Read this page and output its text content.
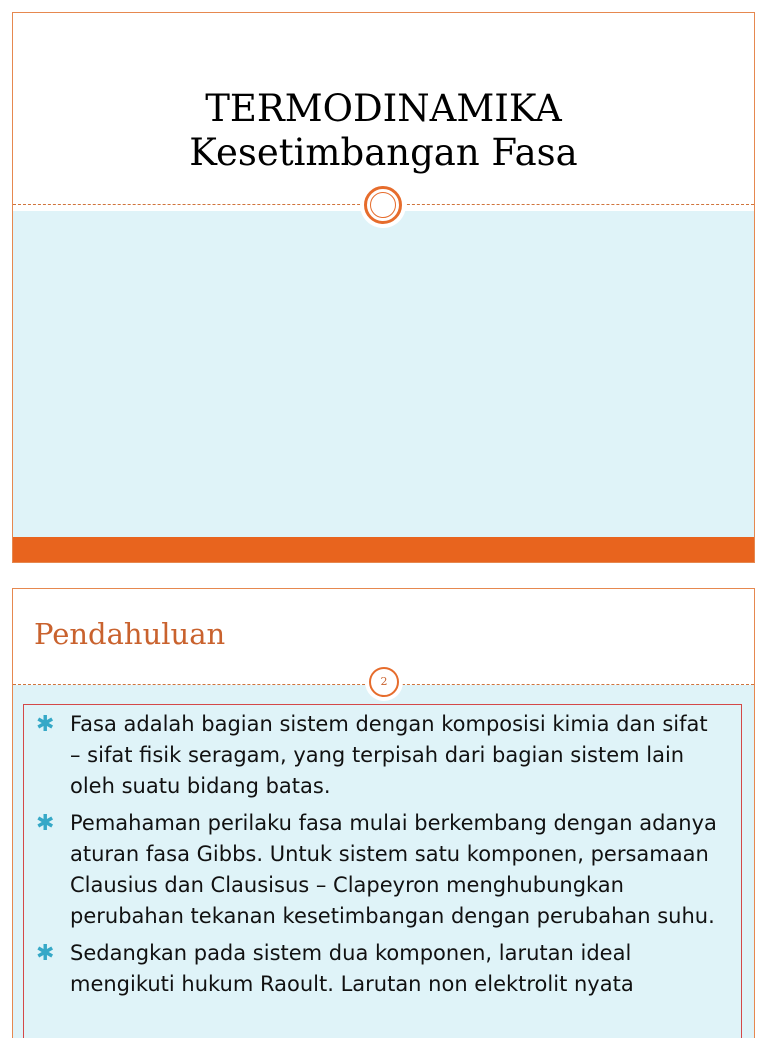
TERMODINAMIKA
Kesetimbangan Fasa
Pendahuluan
2
✱ Fasa adalah bagian sistem dengan komposisi kimia dan sifat – sifat fisik seragam, yang terpisah dari bagian sistem lain oleh suatu bidang batas.
✱ Pemahaman perilaku fasa mulai berkembang dengan adanya aturan fasa Gibbs. Untuk sistem satu komponen, persamaan Clausius dan Clausisus – Clapeyron menghubungkan perubahan tekanan kesetimbangan dengan perubahan suhu.
✱ Sedangkan pada sistem dua komponen, larutan ideal mengikuti hukum Raoult. Larutan non elektrolit nyata
